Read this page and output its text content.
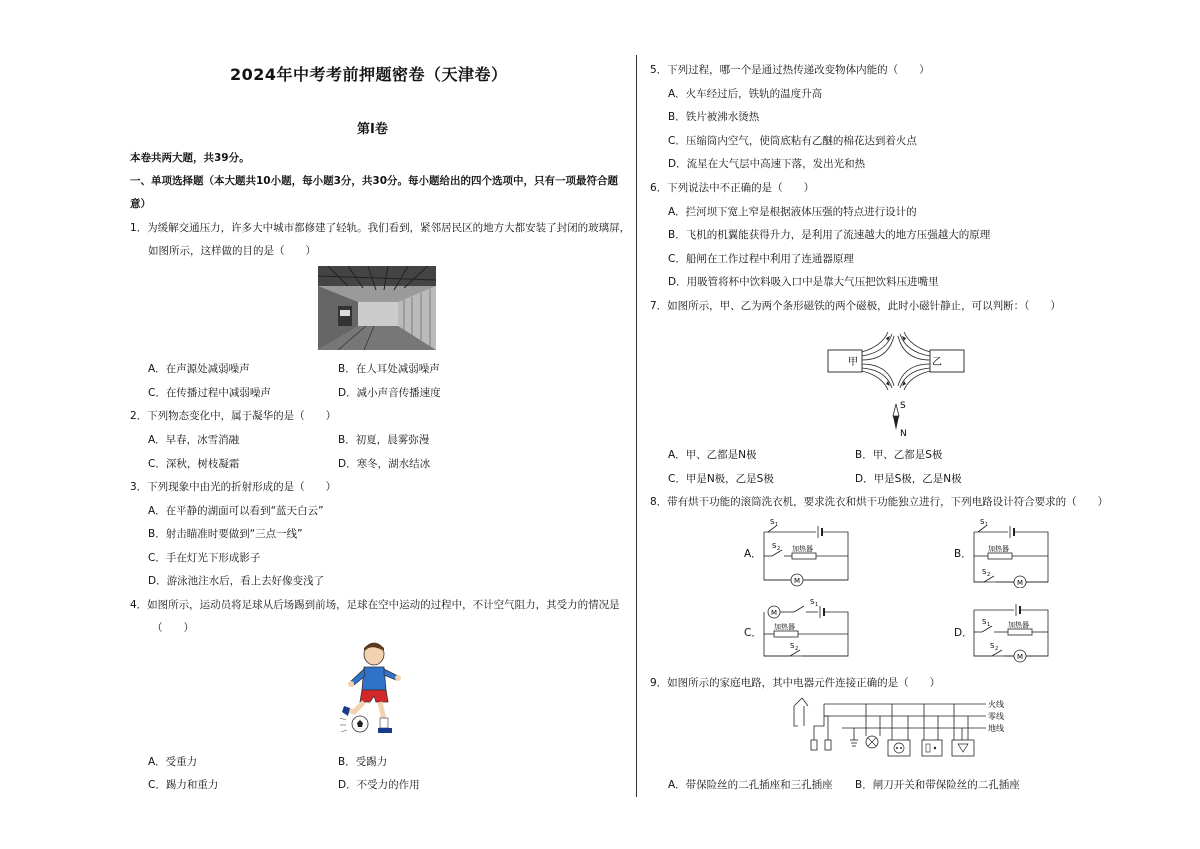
2024年中考考前押题密卷（天津卷）
第Ⅰ卷
本卷共两大题，共39分。
一、单项选择题（本大题共10小题，每小题3分，共30分。每小题给出的四个选项中，只有一项最符合题
意）
1．为缓解交通压力，许多大中城市都修建了轻轨。我们看到，紧邻居民区的地方大都安装了封闭的玻璃屏，
如图所示，这样做的目的是（　　）
A．在声源处减弱噪声	B．在人耳处减弱噪声
C．在传播过程中减弱噪声	D．减小声音传播速度
2．下列物态变化中，属于凝华的是（　　）
A．早春，冰雪消融	B．初夏，晨雾弥漫
C．深秋，树枝凝霜	D．寒冬，湖水结冰
3．下列现象中由光的折射形成的是（　　）
A．在平静的湖面可以看到“蓝天白云”
B．射击瞄准时要做到“三点一线”
C．手在灯光下形成影子
D．游泳池注水后，看上去好像变浅了
4．如图所示，运动员将足球从后场踢到前场，足球在空中运动的过程中，不计空气阻力，其受力的情况是
（　　）
A．受重力	B．受踢力
C．踢力和重力	D．不受力的作用
5．下列过程，哪一个是通过热传递改变物体内能的（　　）
A．火车经过后，铁轨的温度升高
B．铁片被沸水烫热
C．压缩筒内空气，使筒底粘有乙醚的棉花达到着火点
D．流星在大气层中高速下落，发出光和热
6．下列说法中不正确的是（　　）
A．拦河坝下宽上窄是根据液体压强的特点进行设计的
B．飞机的机翼能获得升力，是利用了流速越大的地方压强越大的原理
C．船闸在工作过程中利用了连通器原理
D．用吸管将杯中饮料吸入口中是靠大气压把饮料压进嘴里
7．如图所示，甲、乙为两个条形磁铁的两个磁极，此时小磁针静止，可以判断：（　　）
甲	乙
S
N
A．甲、乙都是N极	B．甲、乙都是S极
C．甲是N极，乙是S极	D．甲是S极，乙是N极
8．带有烘干功能的滚筒洗衣机，要求洗衣和烘干功能独立进行，下列电路设计符合要求的（　　）
A．
M
S 1
S 2 加热器	B．
M
S 1
加热器
S 2
C．
M
S 1
加热器
S 2
D．
M
S 1	加热器
S 2
9．如图所示的家庭电路，其中电器元件连接正确的是（　　）
火线
零线
地线
A．带保险丝的二孔插座和三孔插座 B．闸刀开关和带保险丝的二孔插座
